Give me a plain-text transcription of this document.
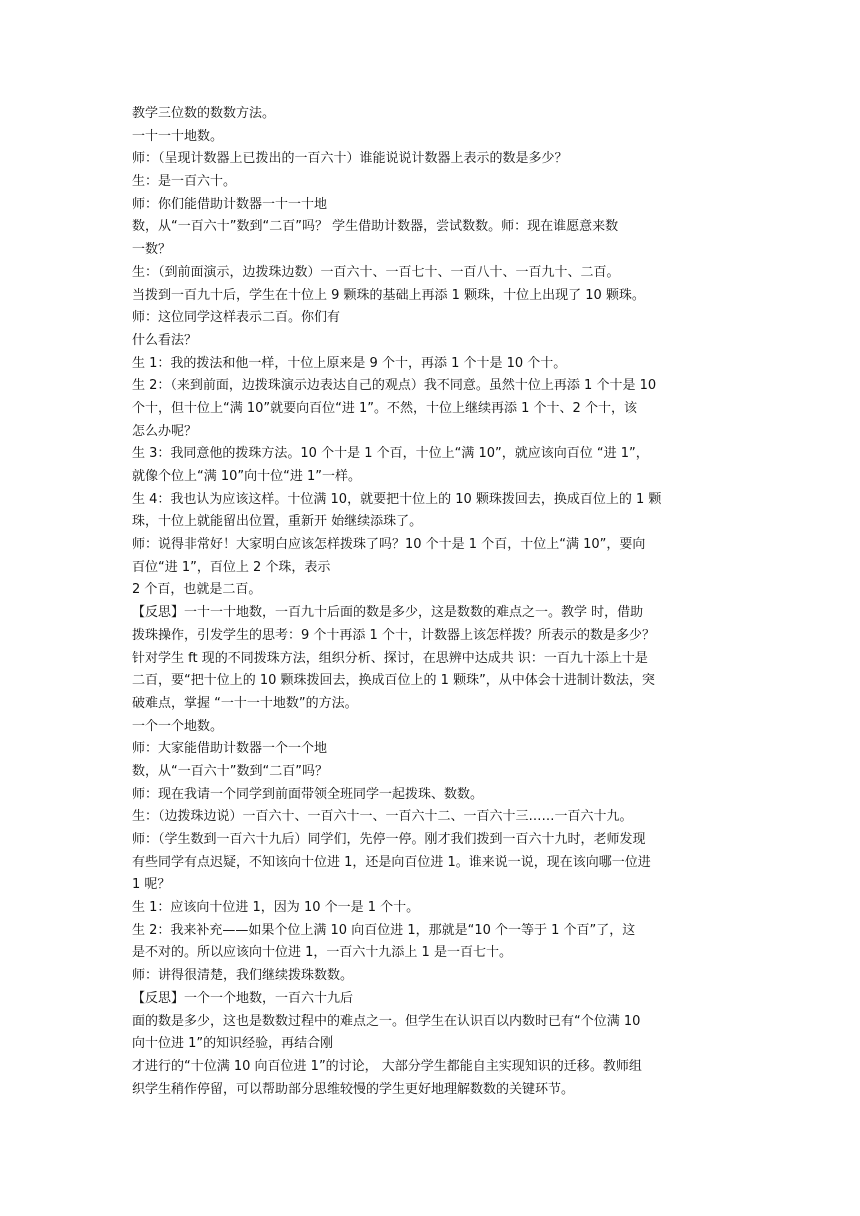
教学三位数的数数方法。
一十一十地数。
师：（呈现计数器上已拨出的一百六十）谁能说说计数器上表示的数是多少？
生：是一百六十。
师：你们能借助计数器一十一十地
数，从“一百六十”数到“二百”吗？ 学生借助计数器，尝试数数。师：现在谁愿意来数
一数？
生：（到前面演示，边拨珠边数）一百六十、一百七十、一百八十、一百九十、二百。
当拨到一百九十后，学生在十位上 9 颗珠的基础上再添 1 颗珠，十位上出现了 10 颗珠。
师：这位同学这样表示二百。你们有
什么看法？
生 1：我的拨法和他一样，十位上原来是 9 个十，再添 1 个十是 10 个十。
生 2：（来到前面，边拨珠演示边表达自己的观点）我不同意。虽然十位上再添 1 个十是 10
个十，但十位上“满 10”就要向百位“进 1”。不然，十位上继续再添 1 个十、2 个十，该
怎么办呢？
生 3：我同意他的拨珠方法。10 个十是 1 个百，十位上“满 10”，就应该向百位 “进 1”，
就像个位上“满 10”向十位“进 1”一样。
生 4：我也认为应该这样。十位满 10，就要把十位上的 10 颗珠拨回去，换成百位上的 1 颗
珠，十位上就能留出位置，重新开 始继续添珠了。
师：说得非常好！大家明白应该怎样拨珠了吗？10 个十是 1 个百，十位上“满 10”，要向
百位“进 1”，百位上 2 个珠，表示
2 个百，也就是二百。
【反思】一十一十地数，一百九十后面的数是多少，这是数数的难点之一。教学 时，借助
拨珠操作，引发学生的思考：9 个十再添 1 个十，计数器上该怎样拨？所表示的数是多少？
针对学生 ft 现的不同拨珠方法，组织分析、探讨，在思辨中达成共 识：一百九十添上十是
二百，要“把十位上的 10 颗珠拨回去，换成百位上的 1 颗珠”，从中体会十进制计数法，突
破难点，掌握 “一十一十地数”的方法。
一个一个地数。
师：大家能借助计数器一个一个地
数，从“一百六十”数到“二百”吗？
师：现在我请一个同学到前面带领全班同学一起拨珠、数数。
生：（边拨珠边说）一百六十、一百六十一、一百六十二、一百六十三……一百六十九。
师：（学生数到一百六十九后）同学们，先停一停。刚才我们拨到一百六十九时，老师发现
有些同学有点迟疑，不知该向十位进 1，还是向百位进 1。谁来说一说，现在该向哪一位进
1 呢？
生 1：应该向十位进 1，因为 10 个一是 1 个十。
生 2：我来补充——如果个位上满 10 向百位进 1，那就是“10 个一等于 1 个百”了，这
是不对的。所以应该向十位进 1，一百六十九添上 1 是一百七十。
师：讲得很清楚，我们继续拨珠数数。
【反思】一个一个地数，一百六十九后
面的数是多少，这也是数数过程中的难点之一。但学生在认识百以内数时已有“个位满 10
向十位进 1”的知识经验，再结合刚
才进行的“十位满 10 向百位进 1”的讨论， 大部分学生都能自主实现知识的迁移。教师组
织学生稍作停留，可以帮助部分思维较慢的学生更好地理解数数的关键环节。
